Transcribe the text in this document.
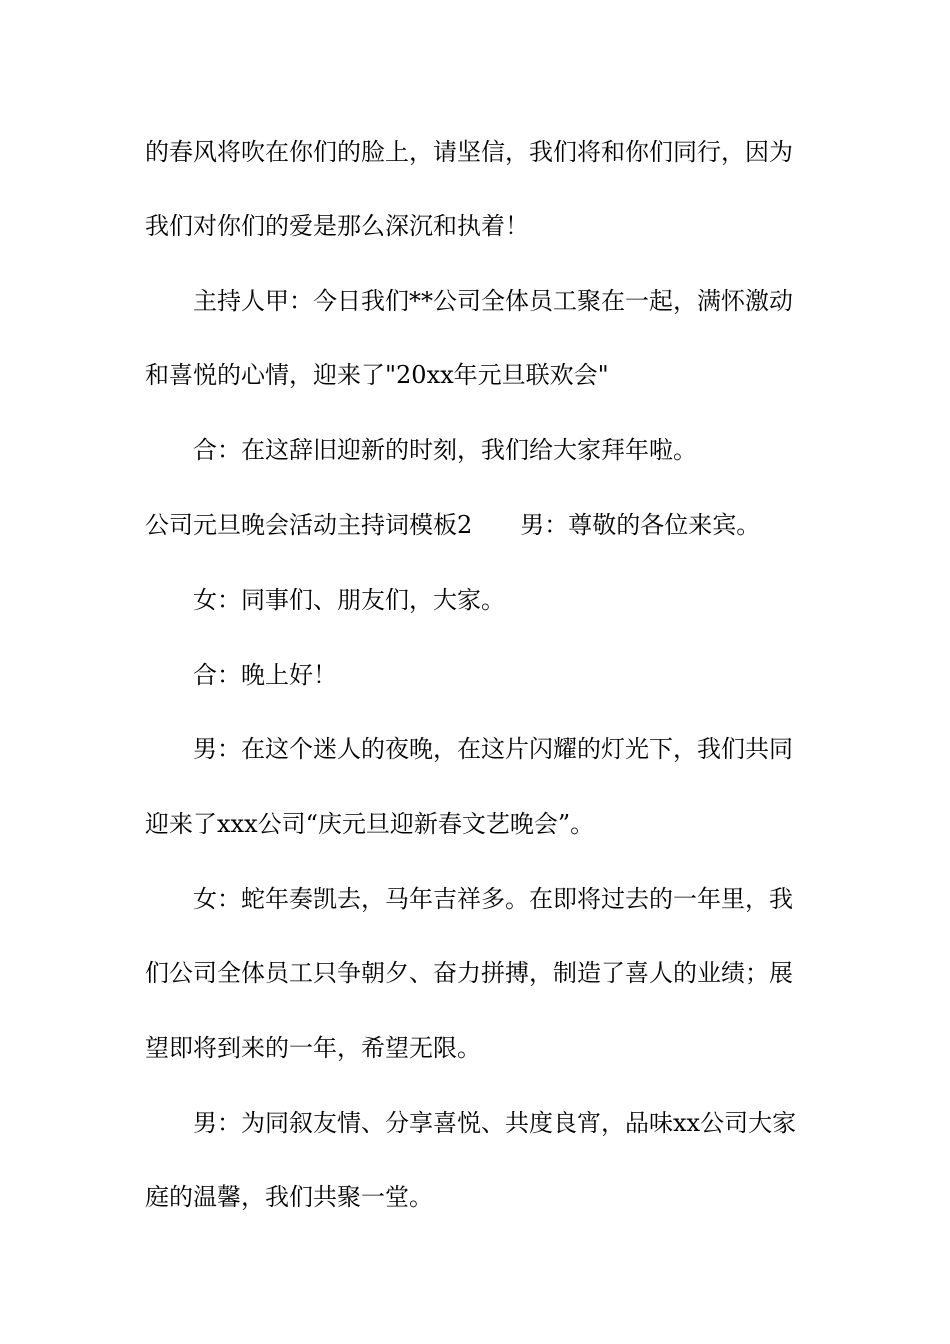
的春风将吹在你们的脸上，请坚信，我们将和你们同行，因为
我们对你们的爱是那么深沉和执着！
主持人甲：今日我们**公司全体员工聚在一起，满怀激动
和喜悦的心情，迎来了"20xx年元旦联欢会"
合：在这辞旧迎新的时刻，我们给大家拜年啦。
公司元旦晚会活动主持词模板2 男：尊敬的各位来宾。
女：同事们、朋友们，大家。
合：晚上好！
男：在这个迷人的夜晚，在这片闪耀的灯光下，我们共同
迎来了xxx公司“庆元旦迎新春文艺晚会”。
女：蛇年奏凯去，马年吉祥多。在即将过去的一年里，我
们公司全体员工只争朝夕、奋力拼搏，制造了喜人的业绩；展
望即将到来的一年，希望无限。
男：为同叙友情、分享喜悦、共度良宵，品味xx公司大家
庭的温馨，我们共聚一堂。
